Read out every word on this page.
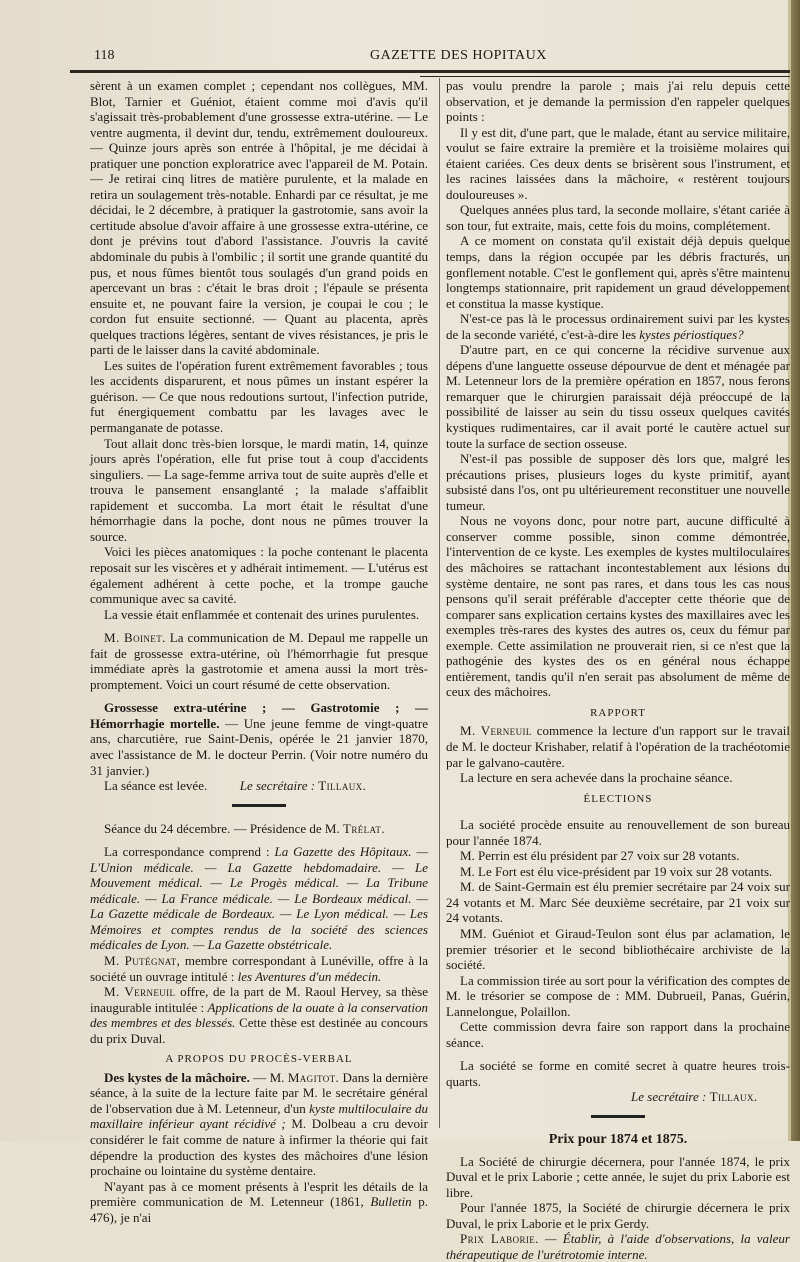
118	GAZETTE DES HOPITAUX

sèrent à un examen complet ; cependant nos collègues, MM. Blot, Tarnier et Guéniot, étaient comme moi d'avis qu'il s'agissait très-probablement d'une grossesse extra-utérine. — Le ventre augmenta, il devint dur, tendu, extrêmement douloureux. — Quinze jours après son entrée à l'hôpital, je me décidai à pratiquer une ponction exploratrice avec l'appareil de M. Potain. — Je retirai cinq litres de matière purulente, et la malade en retira un soulagement très-notable. Enhardi par ce résultat, je me décidai, le 2 décembre, à pratiquer la gastrotomie, sans avoir la certitude absolue d'avoir affaire à une grossesse extra-utérine, ce dont je prévins tout d'abord l'assistance. J'ouvris la cavité abdominale du pubis à l'ombilic ; il sortit une grande quantité du pus, et nous fûmes bientôt tous soulagés d'un grand poids en apercevant un bras : c'était le bras droit ; l'épaule se présenta ensuite et, ne pouvant faire la version, je coupai le cou ; le cordon fut ensuite sectionné. — Quant au placenta, après quelques tractions légères, sentant de vives résistances, je pris le parti de le laisser dans la cavité abdominale.

Les suites de l'opération furent extrêmement favorables ; tous les accidents disparurent, et nous pûmes un instant espérer la guérison. — Ce que nous redoutions surtout, l'infection putride, fut énergiquement combattu par les lavages avec le permanganate de potasse.

Tout allait donc très-bien lorsque, le mardi matin, 14, quinze jours après l'opération, elle fut prise tout à coup d'accidents singuliers. — La sage-femme arriva tout de suite auprès d'elle et trouva le pansement ensanglanté ; la malade s'affaiblit rapidement et succomba. La mort était le résultat d'une hémorrhagie dans la poche, dont nous ne pûmes trouver la source.

Voici les pièces anatomiques : la poche contenant le placenta reposait sur les viscères et y adhérait intimement. — L'utérus est également adhérent à cette poche, et la trompe gauche communique avec sa cavité.

La vessie était enflammée et contenait des urines purulentes.

M. Boinet. La communication de M. Depaul me rappelle un fait de grossesse extra-utérine, où l'hémorrhagie fut presque immédiate après la gastrotomie et amena aussi la mort très-promptement. Voici un court résumé de cette observation.

Grossesse extra-utérine ; — Gastrotomie ; — Hémorrhagie mortelle. — Une jeune femme de vingt-quatre ans, charcutière, rue Saint-Denis, opérée le 21 janvier 1870, avec l'assistance de M. le docteur Perrin. (Voir notre numéro du 31 janvier.)

La séance est levée.	Le secrétaire : Tillaux.

Séance du 24 décembre. — Présidence de M. Trélat.

La correspondance comprend : La Gazette des Hôpitaux. — L'Union médicale. — La Gazette hebdomadaire. — Le Mouvement médical. — Le Progès médical. — La Tribune médicale. — La France médicale. — Le Bordeaux médical. — La Gazette médicale de Bordeaux. — Le Lyon médical. — Les Mémoires et comptes rendus de la société des sciences médicales de Lyon. — La Gazette obstétricale.

M. Putégnat, membre correspondant à Lunéville, offre à la société un ouvrage intitulé : les Aventures d'un médecin.

M. Verneuil offre, de la part de M. Raoul Hervey, sa thèse inaugurable intitulée : Applications de la ouate à la conservation des membres et des blessés. Cette thèse est destinée au concours du prix Duval.

A PROPOS DU PROCÈS-VERBAL

Des kystes de la mâchoire. — M. Magitot. Dans la dernière séance, à la suite de la lecture faite par M. le secrétaire général de l'observation due à M. Letenneur, d'un kyste multiloculaire du maxillaire inférieur ayant récidivé ; M. Dolbeau a cru devoir considérer le fait comme de nature à infirmer la théorie qui fait dépendre la production des kystes des mâchoires d'une lésion prochaine ou lointaine du système dentaire.

N'ayant pas à ce moment présents à l'esprit les détails de la première communication de M. Letenneur (1861, Bulletin p. 476), je n'ai

pas voulu prendre la parole ; mais j'ai relu depuis cette observation, et je demande la permission d'en rappeler quelques points :

Il y est dit, d'une part, que le malade, étant au service militaire, voulut se faire extraire la première et la troisième molaires qui étaient cariées. Ces deux dents se brisèrent sous l'instrument, et les racines laissées dans la mâchoire, « restèrent toujours douloureuses ».

Quelques années plus tard, la seconde mollaire, s'étant cariée à son tour, fut extraite, mais, cette fois du moins, complétement.

A ce moment on constata qu'il existait déjà depuis quelque temps, dans la région occupée par les débris fracturés, un gonflement notable. C'est le gonflement qui, après s'être maintenu longtemps stationnaire, prit rapidement un graud développement et constitua la masse kystique.

N'est-ce pas là le processus ordinairement suivi par les kystes de la seconde variété, c'est-à-dire les kystes périostiques?

D'autre part, en ce qui concerne la récidive survenue aux dépens d'une languette osseuse dépourvue de dent et ménagée par M. Letenneur lors de la première opération en 1857, nous ferons remarquer que le chirurgien paraissait déjà préoccupé de la possibilité de laisser au sein du tissu osseux quelques cavités kystiques rudimentaires, car il avait porté le cautère actuel sur toute la surface de section osseuse.

N'est-il pas possible de supposer dès lors que, malgré les précautions prises, plusieurs loges du kyste primitif, ayant subsisté dans l'os, ont pu ultérieurement reconstituer une nouvelle tumeur.

Nous ne voyons donc, pour notre part, aucune difficulté à conserver comme possible, sinon comme démontrée, l'intervention de ce kyste. Les exemples de kystes multiloculaires des mâchoires se rattachant incontestablement aux lésions du système dentaire, ne sont pas rares, et dans tous les cas nous pensons qu'il serait préférable d'accepter cette théorie que de comparer sans explication certains kystes des maxillaires avec les exemples très-rares des kystes des autres os, ceux du fémur par exemple. Cette assimilation ne prouverait rien, si ce n'est que la pathogénie des kystes des os en général nous échappe entièrement, tandis qu'il n'en serait pas absolument de même de ceux des mâchoires.

RAPPORT

M. Verneuil commence la lecture d'un rapport sur le travail de M. le docteur Krishaber, relatif à l'opération de la trachéotomie par le galvano-cautère.

La lecture en sera achevée dans la prochaine séance.

ÉLECTIONS

La société procède ensuite au renouvellement de son bureau pour l'année 1874.

M. Perrin est élu président par 27 voix sur 28 votants.

M. Le Fort est élu vice-président par 19 voix sur 28 votants.

M. de Saint-Germain est élu premier secrétaire par 24 voix sur 24 votants et M. Marc Sée deuxième secrétaire, par 21 voix sur 24 votants.

MM. Guéniot et Giraud-Teulon sont élus par aclamation, le premier trésorier et le second bibliothécaire archiviste de la société.

La commission tirée au sort pour la vérification des comptes de M. le trésorier se compose de : MM. Dubrueil, Panas, Guérin, Lannelongue, Polaillon.

Cette commission devra faire son rapport dans la prochaine séance.

La société se forme en comité secret à quatre heures trois-quarts.

Le secrétaire : Tillaux.

Prix pour 1874 et 1875.

La Société de chirurgie décernera, pour l'année 1874, le prix Duval et le prix Laborie ; cette année, le sujet du prix Laborie est libre.

Pour l'année 1875, la Société de chirurgie décernera le prix Duval, le prix Laborie et le prix Gerdy.

Prix Laborie. — Établir, à l'aide d'observations, la valeur thérapeutique de l'urétrotomie interne.
